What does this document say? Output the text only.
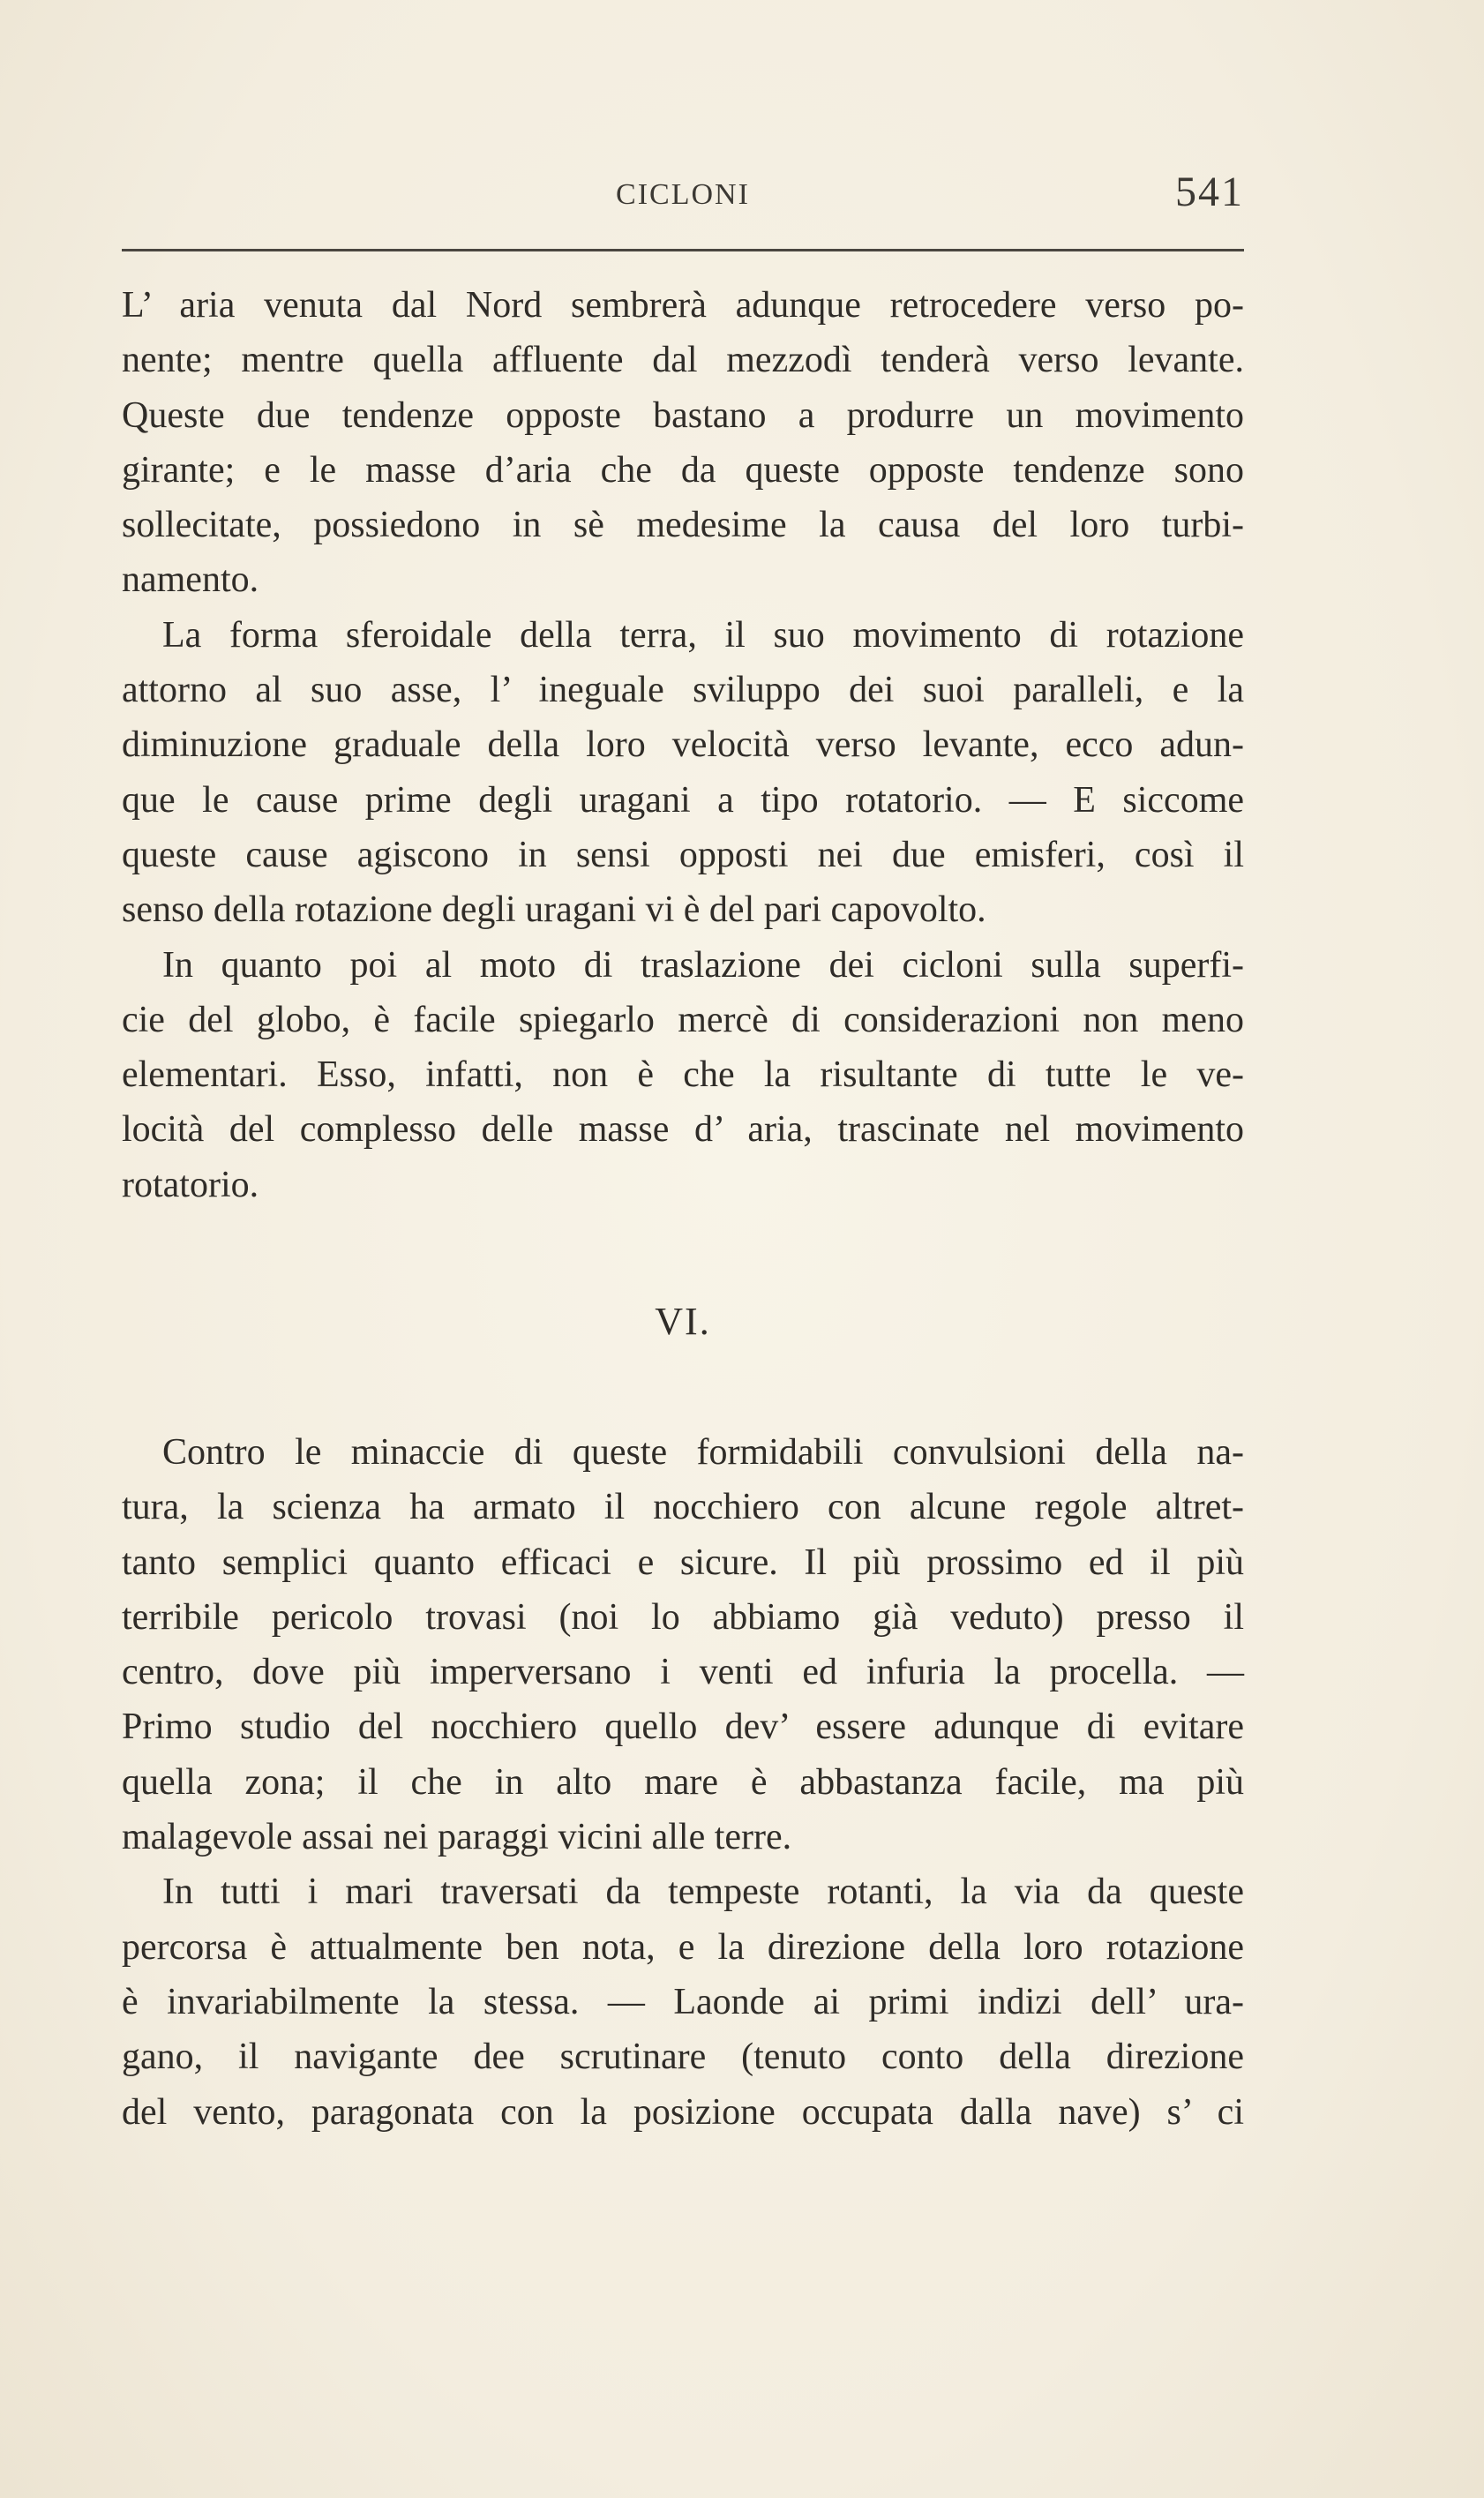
CICLONI	541
L’ aria venuta dal Nord sembrerà adunque retrocedere verso po-
nente; mentre quella affluente dal mezzodì tenderà verso levante.
Queste due tendenze opposte bastano a produrre un movimento
girante; e le masse d’aria che da queste opposte tendenze sono
sollecitate, possiedono in sè medesime la causa del loro turbi-
namento.
La forma sferoidale della terra, il suo movimento di rotazione
attorno al suo asse, l’ ineguale sviluppo dei suoi paralleli, e la
diminuzione graduale della loro velocità verso levante, ecco adun-
que le cause prime degli uragani a tipo rotatorio. — E siccome
queste cause agiscono in sensi opposti nei due emisferi, così il
senso della rotazione degli uragani vi è del pari capovolto.
In quanto poi al moto di traslazione dei cicloni sulla superfi-
cie del globo, è facile spiegarlo mercè di considerazioni non meno
elementari. Esso, infatti, non è che la risultante di tutte le ve-
locità del complesso delle masse d’ aria, trascinate nel movimento
rotatorio.
VI.
Contro le minaccie di queste formidabili convulsioni della na-
tura, la scienza ha armato il nocchiero con alcune regole altret-
tanto semplici quanto efficaci e sicure. Il più prossimo ed il più
terribile pericolo trovasi (noi lo abbiamo già veduto) presso il
centro, dove più imperversano i venti ed infuria la procella. —
Primo studio del nocchiero quello dev’ essere adunque di evitare
quella zona; il che in alto mare è abbastanza facile, ma più
malagevole assai nei paraggi vicini alle terre.
In tutti i mari traversati da tempeste rotanti, la via da queste
percorsa è attualmente ben nota, e la direzione della loro rotazione
è invariabilmente la stessa. — Laonde ai primi indizi dell’ ura-
gano, il navigante dee scrutinare (tenuto conto della direzione
del vento, paragonata con la posizione occupata dalla nave) s’ ci
